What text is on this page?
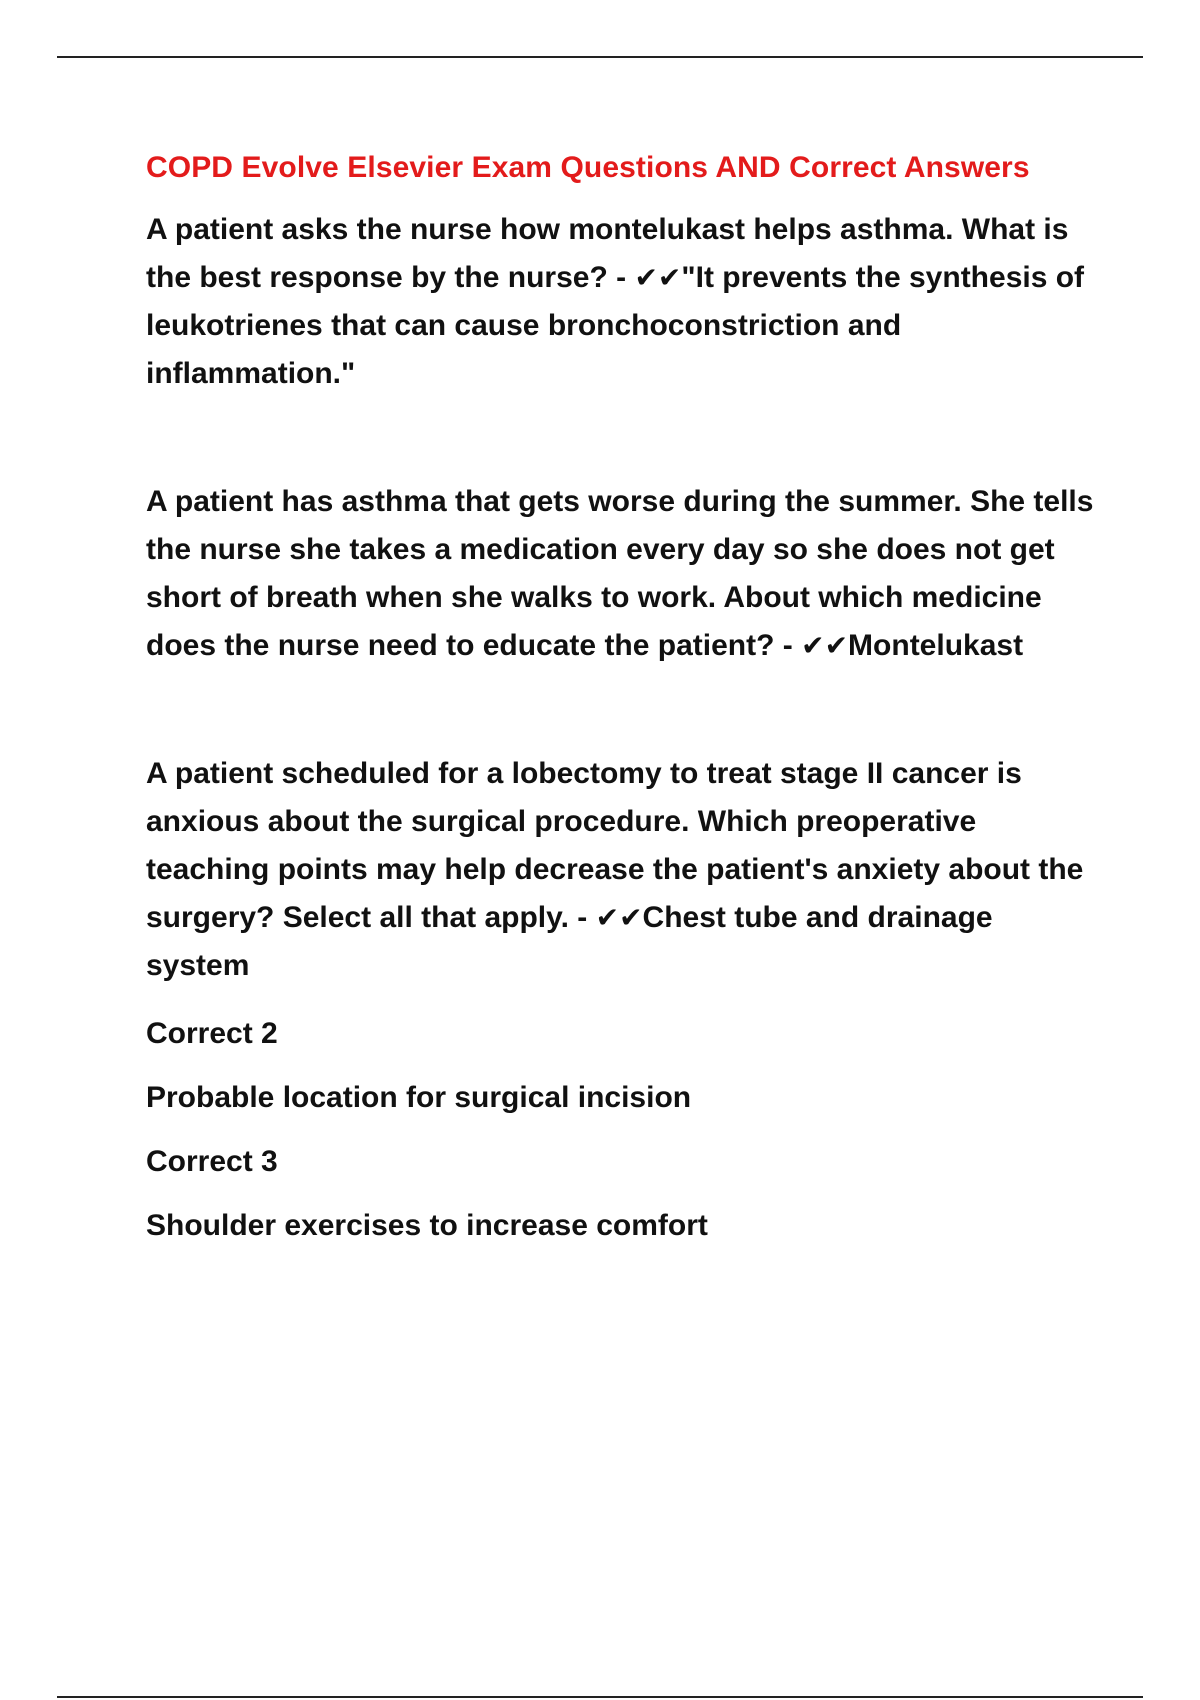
COPD Evolve Elsevier Exam Questions AND Correct Answers

A patient asks the nurse how montelukast helps asthma. What is the best response by the nurse? - ✔✔"It prevents the synthesis of leukotrienes that can cause bronchoconstriction and inflammation."

A patient has asthma that gets worse during the summer. She tells the nurse she takes a medication every day so she does not get short of breath when she walks to work. About which medicine does the nurse need to educate the patient? - ✔✔Montelukast

A patient scheduled for a lobectomy to treat stage II cancer is anxious about the surgical procedure. Which preoperative teaching points may help decrease the patient's anxiety about the surgery? Select all that apply. - ✔✔Chest tube and drainage system

Correct 2

Probable location for surgical incision

Correct 3

Shoulder exercises to increase comfort
